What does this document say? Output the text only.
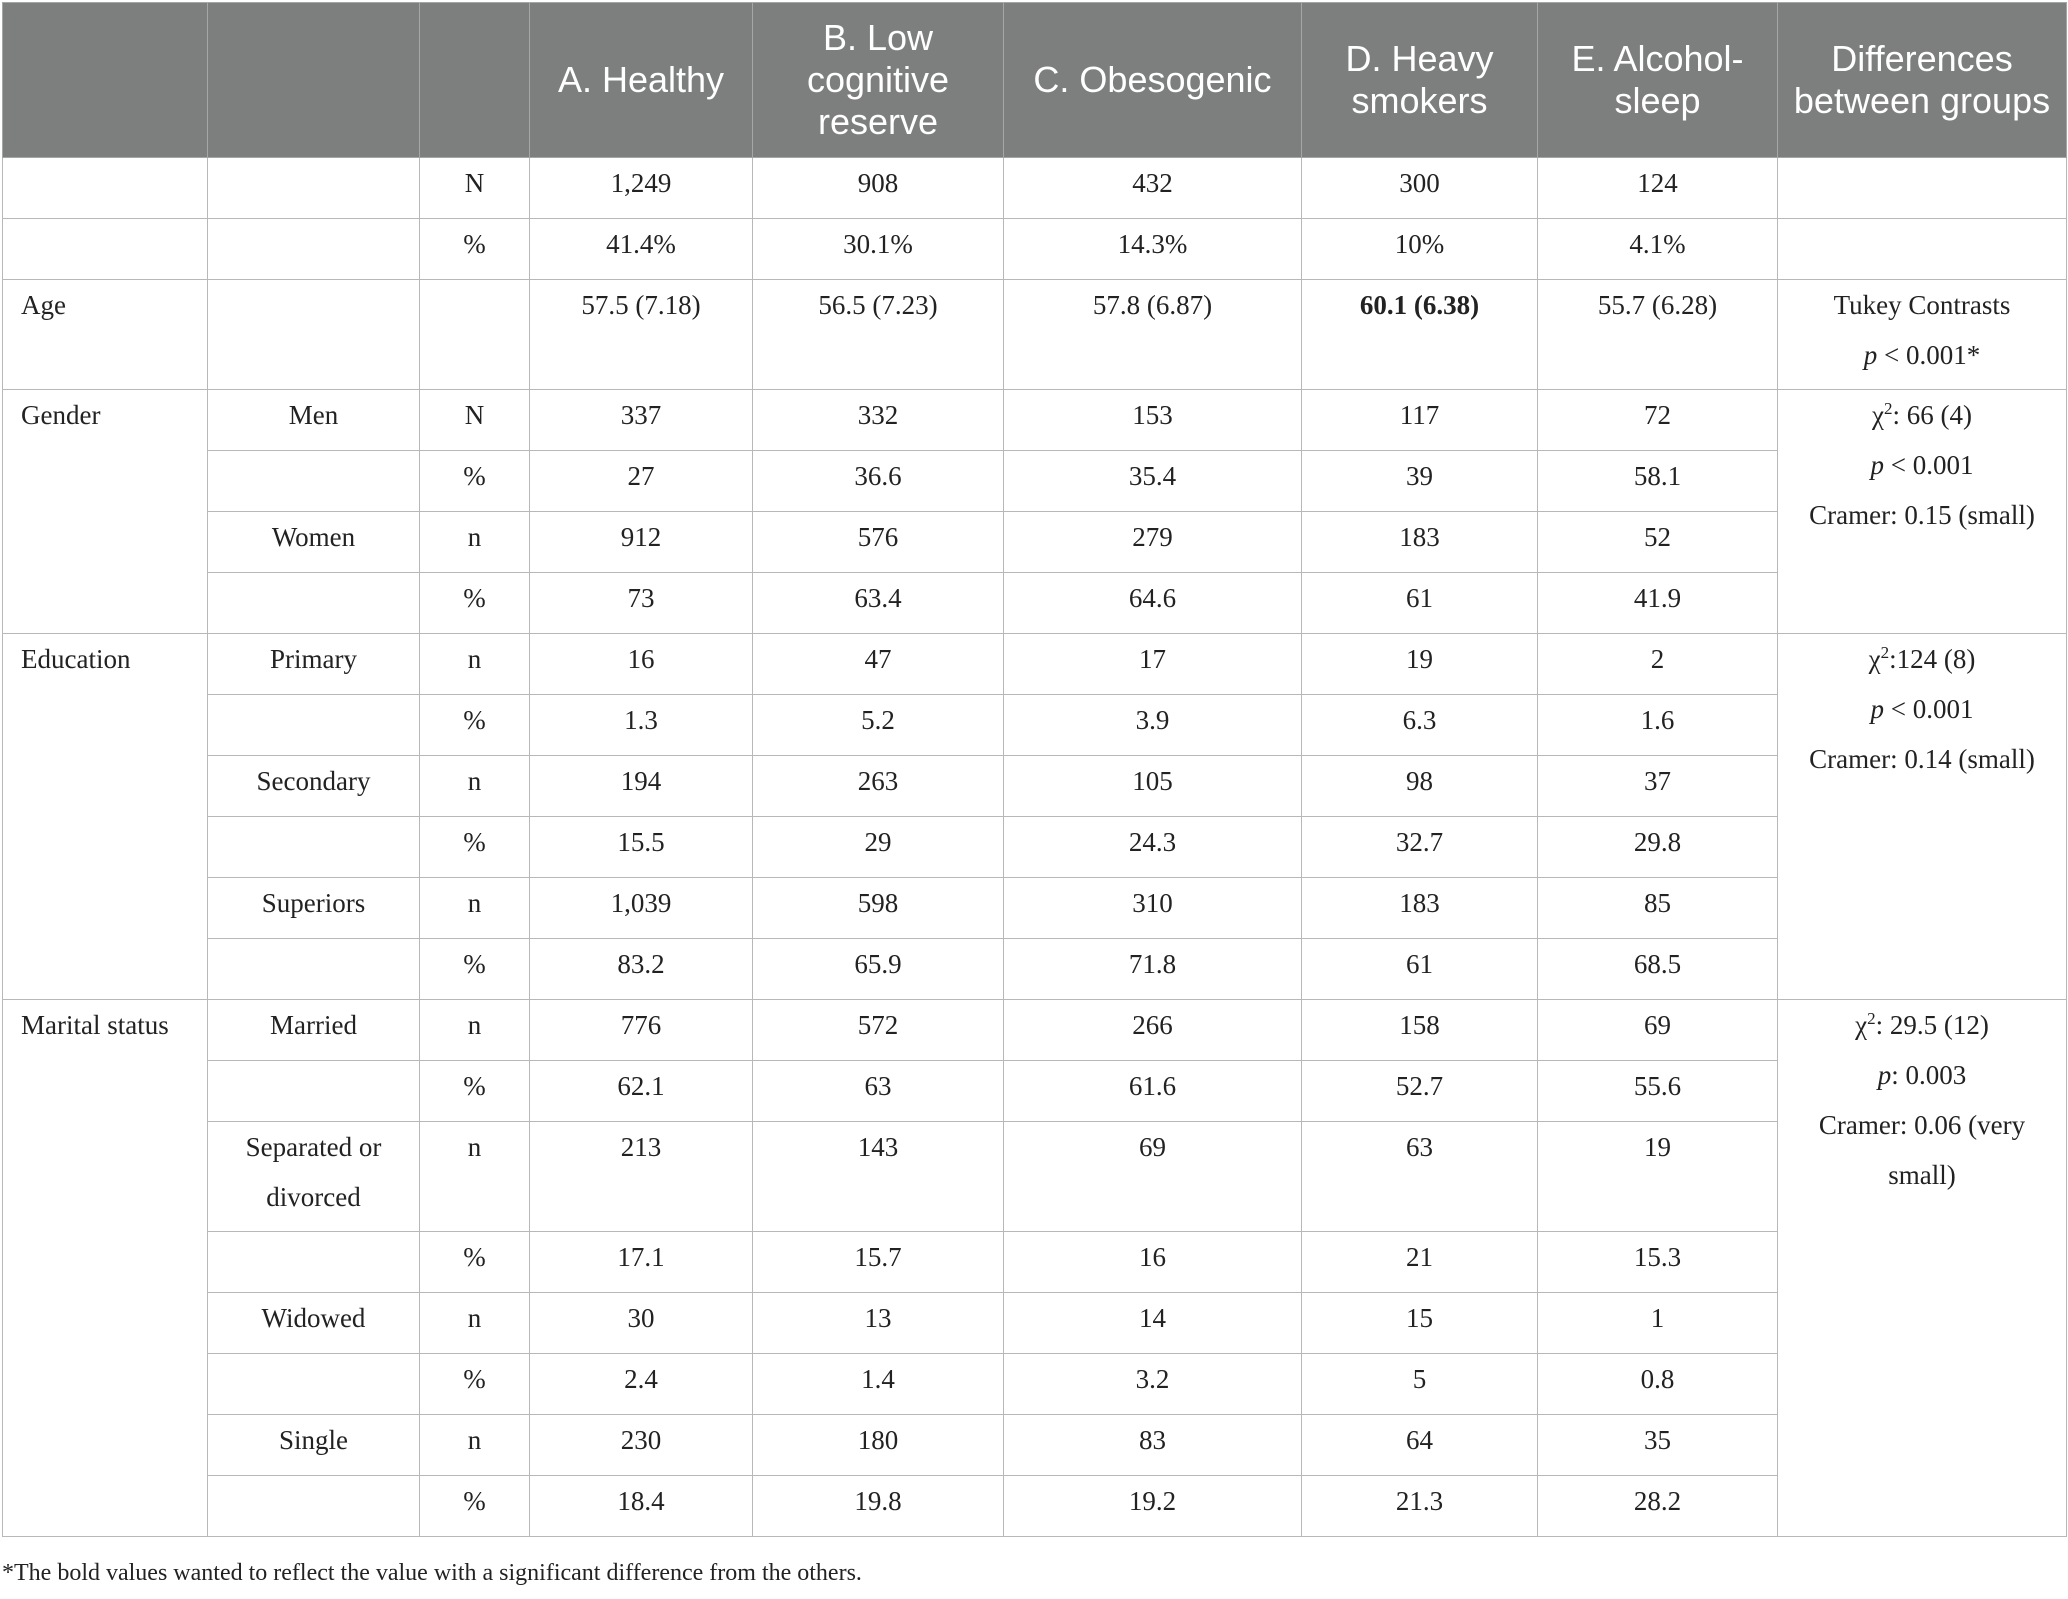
			A. Healthy	B. Low cognitive reserve	C. Obesogenic	D. Heavy smokers	E. Alcohol-sleep	Differences between groups
		N	1,249	908	432	300	124	
		%	41.4%	30.1%	14.3%	10%	4.1%	
Age			57.5 (7.18)	56.5 (7.23)	57.8 (6.87)	60.1 (6.38)	55.7 (6.28)	Tukey Contrasts
p < 0.001*

Gender	Men	N	337	332	153	117	72	$\chi^2$: 66 (4)
p < 0.001
Cramer: 0.15 (small)

		%	27	36.6	35.4	39	58.1	
	Women	n	912	576	279	183	52	
		%	73	63.4	64.6	61	41.9	
Education	Primary	n	16	47	17	19	2	$\chi^2:124$ (8)
p < 0.001
Cramer: 0.14 (small)

		%	1.3	5.2	3.9	6.3	1.6	
	Secondary	n	194	263	105	98	37	
		%	15.5	29	24.3	32.7	29.8	
	Superiors	n	1,039	598	310	183	85	
		%	83.2	65.9	71.8	61	68.5	
Marital status	Married	n	776	572	266	158	69	$\chi^2$: 29.5 (12)
p: 0.003
Cramer: 0.06 (very small)

		%	62.1	63	61.6	52.7	55.6	
	Separated or divorced	n	213	143	69	63	19	
		%	17.1	15.7	16	21	15.3	
	Widowed	n	30	13	14	15	1	
		%	2.4	1.4	3.2	5	0.8	
	Single	n	230	180	83	64	35	
		%	18.4	19.8	19.2	21.3	28.2	
*The bold values wanted to reflect the value with a significant difference from the others.
